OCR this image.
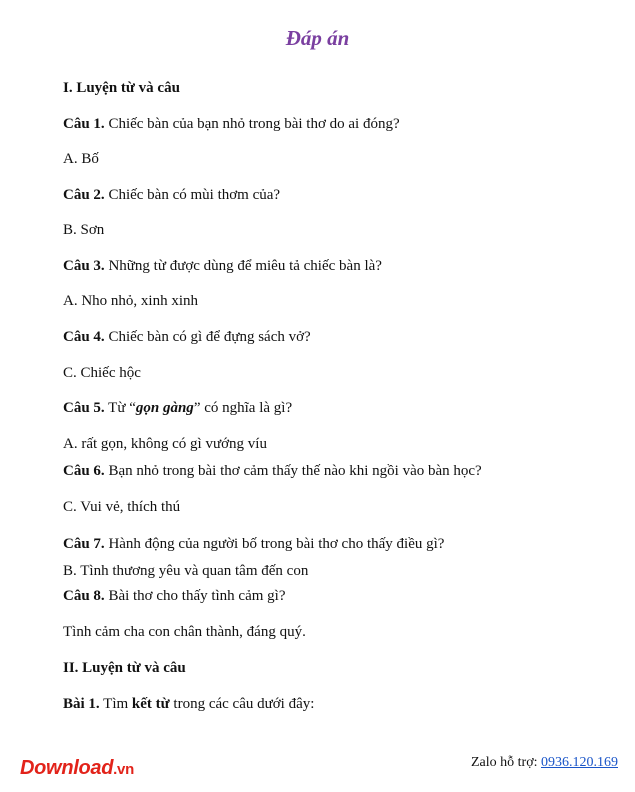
Đáp án
I. Luyện từ và câu
Câu 1. Chiếc bàn của bạn nhỏ trong bài thơ do ai đóng?
A. Bố
Câu 2. Chiếc bàn có mùi thơm của?
B. Sơn
Câu 3. Những từ được dùng để miêu tả chiếc bàn là?
A. Nho nhỏ, xinh xinh
Câu 4. Chiếc bàn có gì để đựng sách vở?
C. Chiếc hộc
Câu 5. Từ “gọn gàng” có nghĩa là gì?
A. rất gọn, không có gì vướng víu
Câu 6. Bạn nhỏ trong bài thơ cảm thấy thế nào khi ngồi vào bàn học?
C. Vui vẻ, thích thú
Câu 7. Hành động của người bố trong bài thơ cho thấy điều gì?
B. Tình thương yêu và quan tâm đến con
Câu 8. Bài thơ cho thấy tình cảm gì?
Tình cảm cha con chân thành, đáng quý.
II. Luyện từ và câu
Bài 1. Tìm kết từ trong các câu dưới đây:
Download.vn	Zalo hỗ trợ: 0936.120.169
